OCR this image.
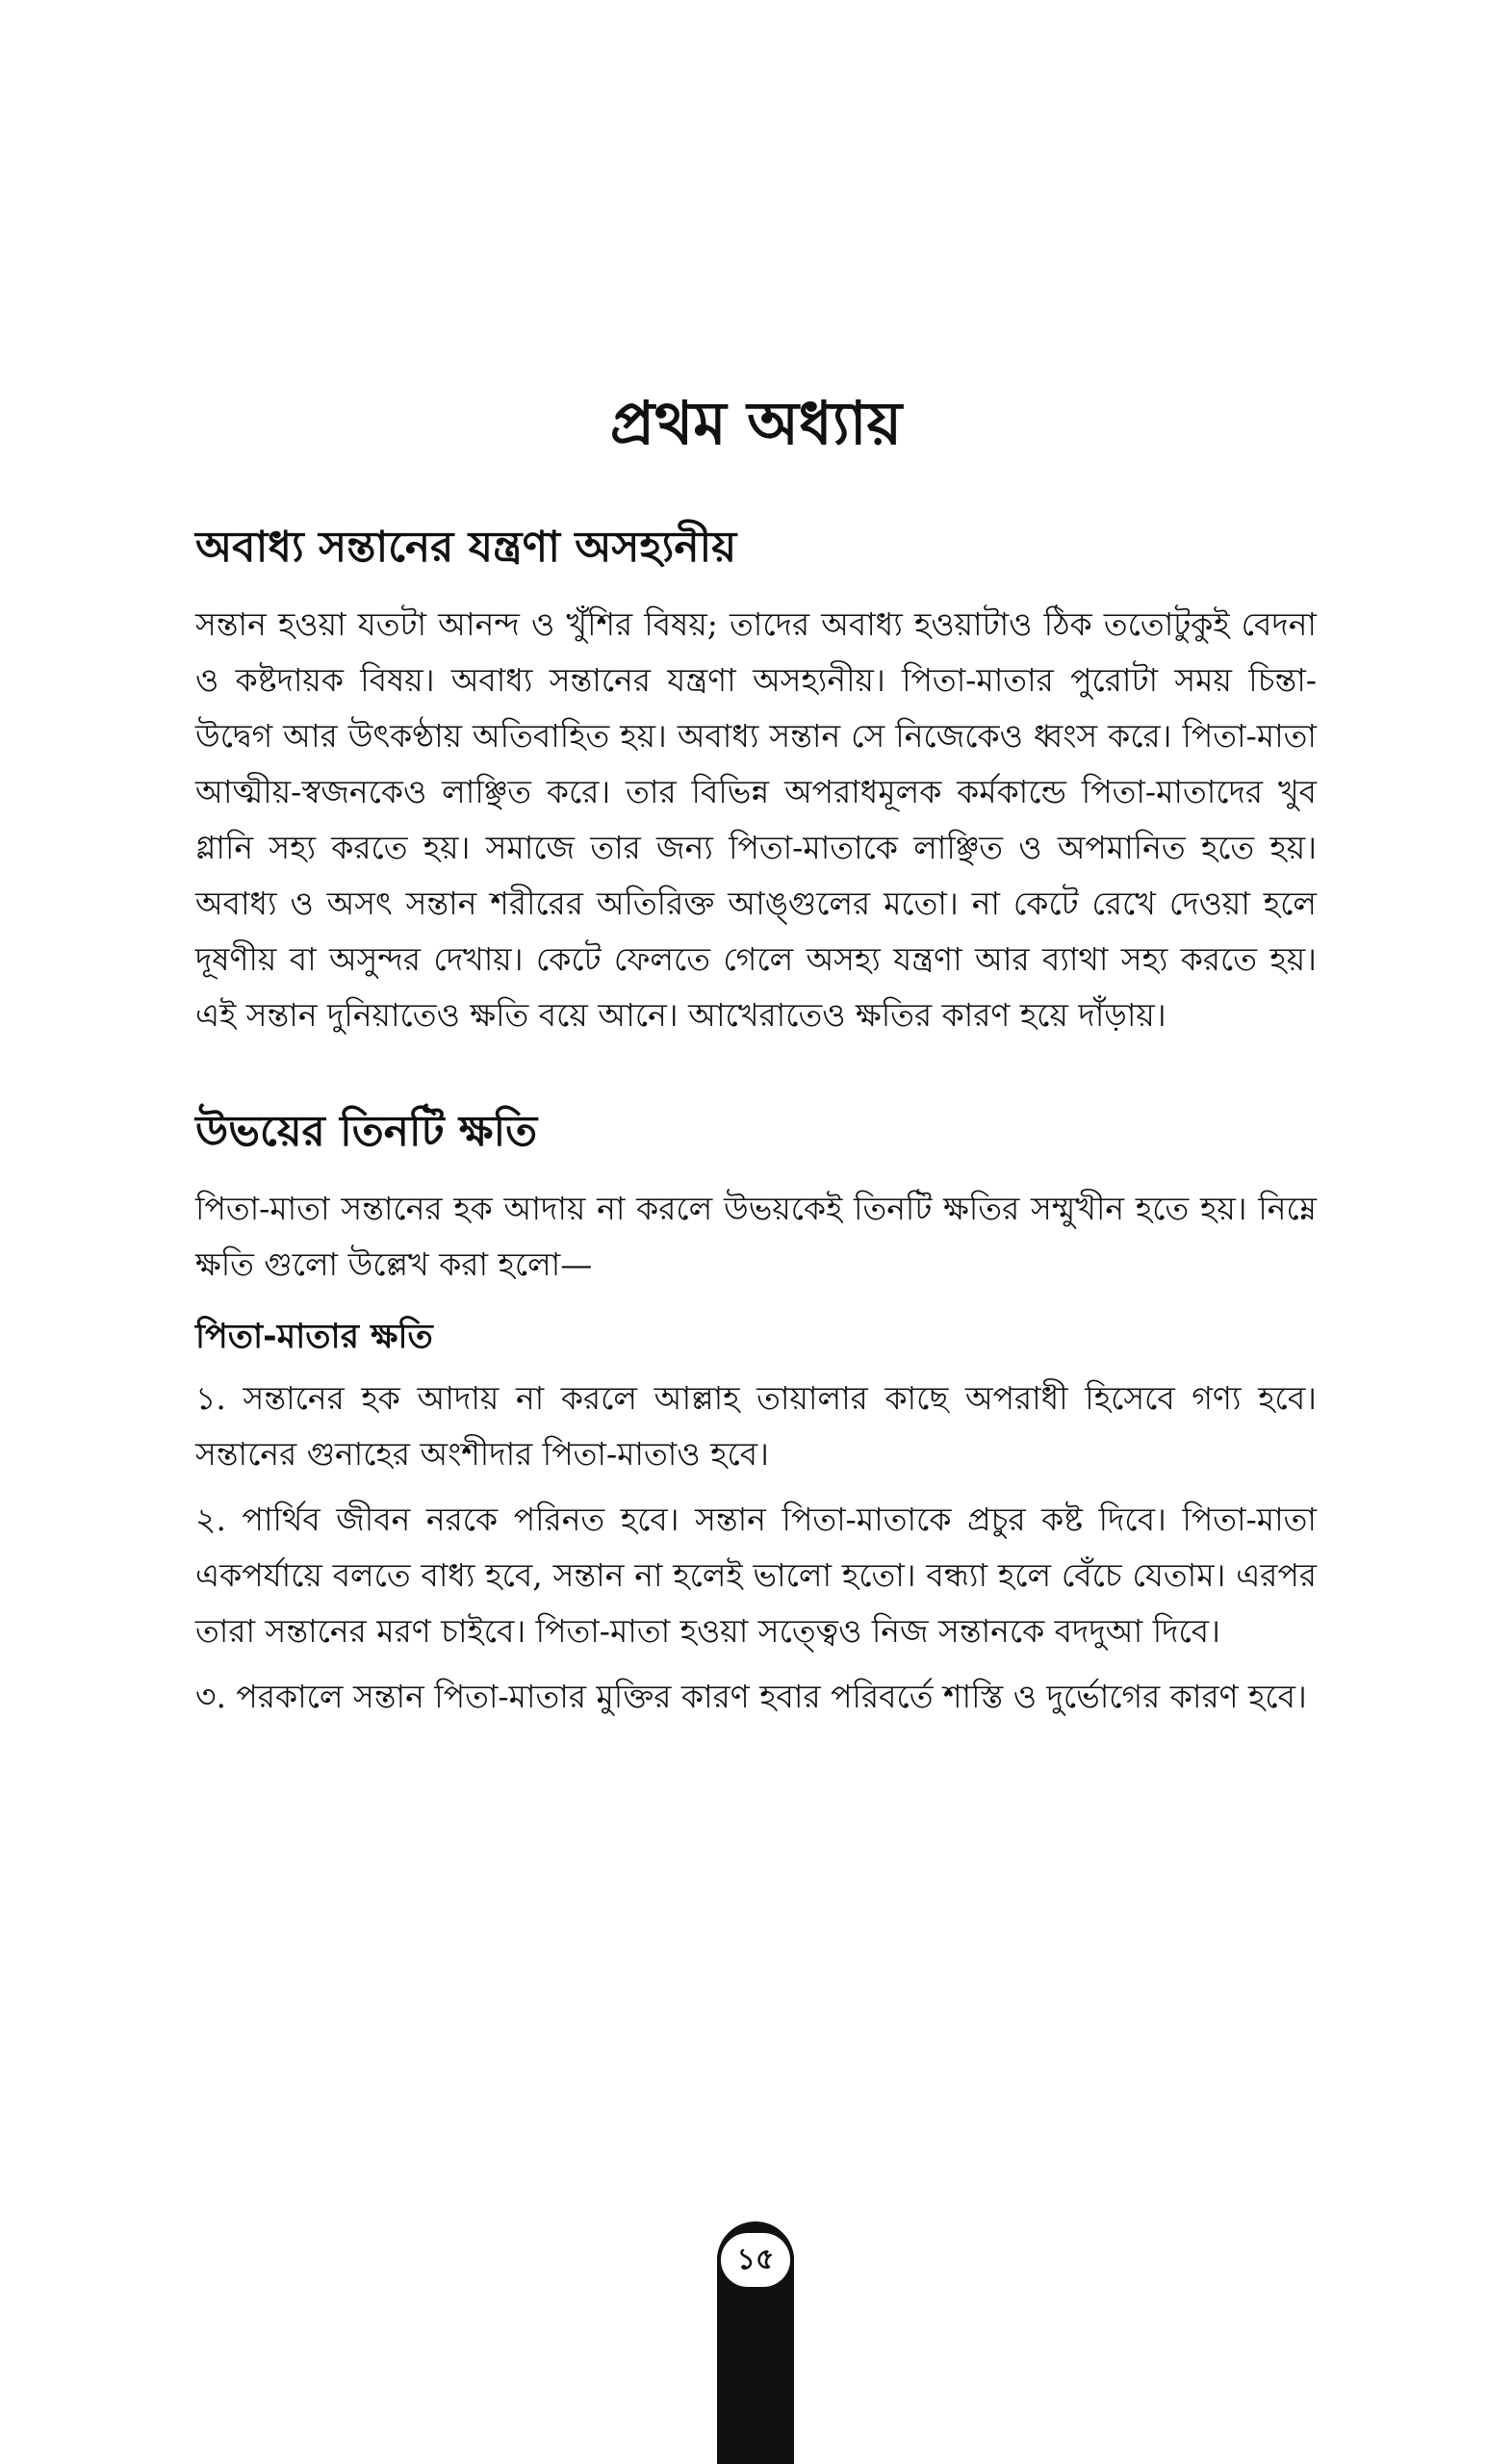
প্রথম অধ্যায়
অবাধ্য সন্তানের যন্ত্রণা অসহ্যনীয়

সন্তান হওয়া যতটা আনন্দ ও খুঁশির বিষয়; তাদের অবাধ্য হওয়াটাও ঠিক ততোটুকুই বেদনা ও কষ্টদায়ক বিষয়। অবাধ্য সন্তানের যন্ত্রণা অসহ্যনীয়। পিতা-মাতার পুরোটা সময় চিন্তা-উদ্বেগ আর উৎকণ্ঠায় অতিবাহিত হয়। অবাধ্য সন্তান সে নিজেকেও ধ্বংস করে। পিতা-মাতা আত্মীয়-স্বজনকেও লাঞ্ছিত করে। তার বিভিন্ন অপরাধমূলক কর্মকান্ডে পিতা-মাতাদের খুব গ্লানি সহ্য করতে হয়। সমাজে তার জন্য পিতা-মাতাকে লাঞ্ছিত ও অপমানিত হতে হয়। অবাধ্য ও অসৎ সন্তান শরীরের অতিরিক্ত আঙ্গুলের মতো। না কেটে রেখে দেওয়া হলে দূষণীয় বা অসুন্দর দেখায়। কেটে ফেলতে গেলে অসহ্য যন্ত্রণা আর ব্যাথা সহ্য করতে হয়। এই সন্তান দুনিয়াতেও ক্ষতি বয়ে আনে। আখেরাতেও ক্ষতির কারণ হয়ে দাঁড়ায়।

উভয়ের তিনটি ক্ষতি

পিতা-মাতা সন্তানের হক আদায় না করলে উভয়কেই তিনটি ক্ষতির সম্মুখীন হতে হয়। নিম্নে ক্ষতি গুলো উল্লেখ করা হলো—

পিতা-মাতার ক্ষতি

১. সন্তানের হক আদায় না করলে আল্লাহ তায়ালার কাছে অপরাধী হিসেবে গণ্য হবে। সন্তানের গুনাহের অংশীদার পিতা-মাতাও হবে।

২. পার্থিব জীবন নরকে পরিনত হবে। সন্তান পিতা-মাতাকে প্রচুর কষ্ট দিবে। পিতা-মাতা একপর্যায়ে বলতে বাধ্য হবে, সন্তান না হলেই ভালো হতো। বন্ধ্যা হলে বেঁচে যেতাম। এরপর তারা সন্তানের মরণ চাইবে। পিতা-মাতা হওয়া সত্ত্বেও নিজ সন্তানকে বদদুআ দিবে।

৩. পরকালে সন্তান পিতা-মাতার মুক্তির কারণ হবার পরিবর্তে শাস্তি ও দুর্ভোগের কারণ হবে।

১৫
